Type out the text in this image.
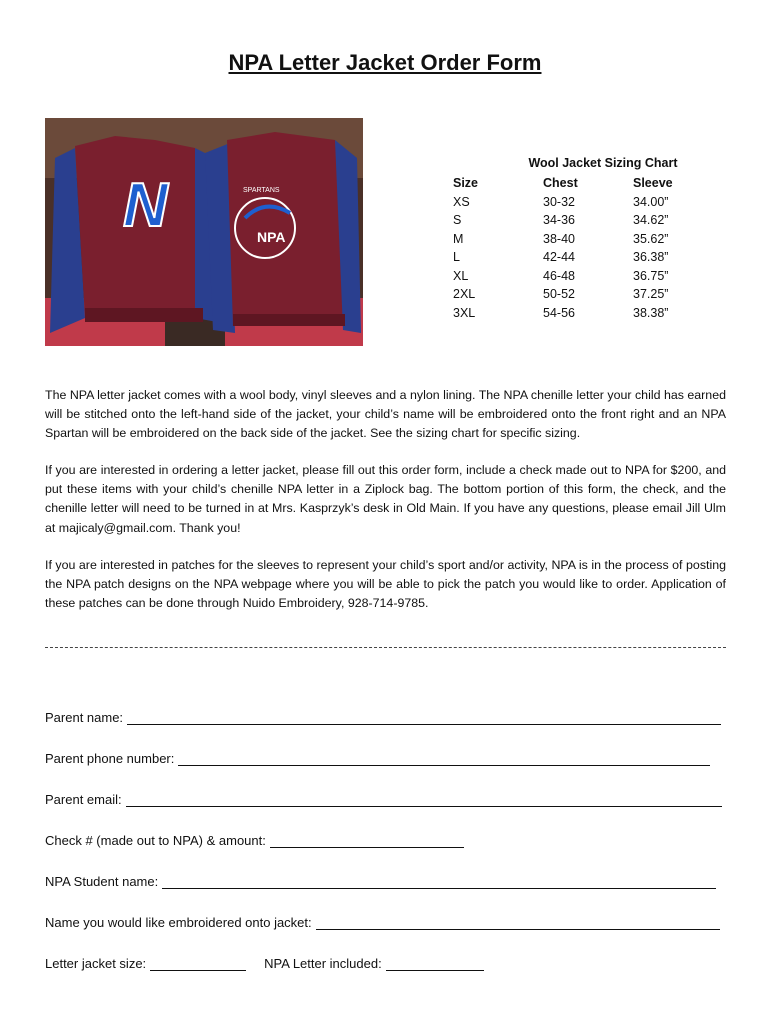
NPA Letter Jacket Order Form
N	NPA
SPARTANS
Wool Jacket Sizing Chart
Size	Chest	Sleeve
XS	30-32	34.00”
S	34-36	34.62”
M	38-40	35.62”
L	42-44	36.38”
XL	46-48	36.75”
2XL	50-52	37.25”
3XL	54-56	38.38”

The NPA letter jacket comes with a wool body, vinyl sleeves and a nylon lining. The NPA chenille letter your child has earned will be stitched onto the left-hand side of the jacket, your child’s name will be embroidered onto the front right and an NPA Spartan will be embroidered on the back side of the jacket. See the sizing chart for specific sizing.

If you are interested in ordering a letter jacket, please fill out this order form, include a check made out to NPA for $200, and put these items with your child’s chenille NPA letter in a Ziplock bag. The bottom portion of this form, the check, and the chenille letter will need to be turned in at Mrs. Kasprzyk’s desk in Old Main. If you have any questions, please email Jill Ulm at majicaly@gmail.com. Thank you!

If you are interested in patches for the sleeves to represent your child’s sport and/or activity, NPA is in the process of posting the NPA patch designs on the NPA webpage where you will be able to pick the patch you would like to order. Application of these patches can be done through Nuido Embroidery, 928-714-9785.

Parent name:
Parent phone number:
Parent email:
Check # (made out to NPA) & amount:
NPA Student name:
Name you would like embroidered onto jacket:
Letter jacket size:	NPA Letter included:
